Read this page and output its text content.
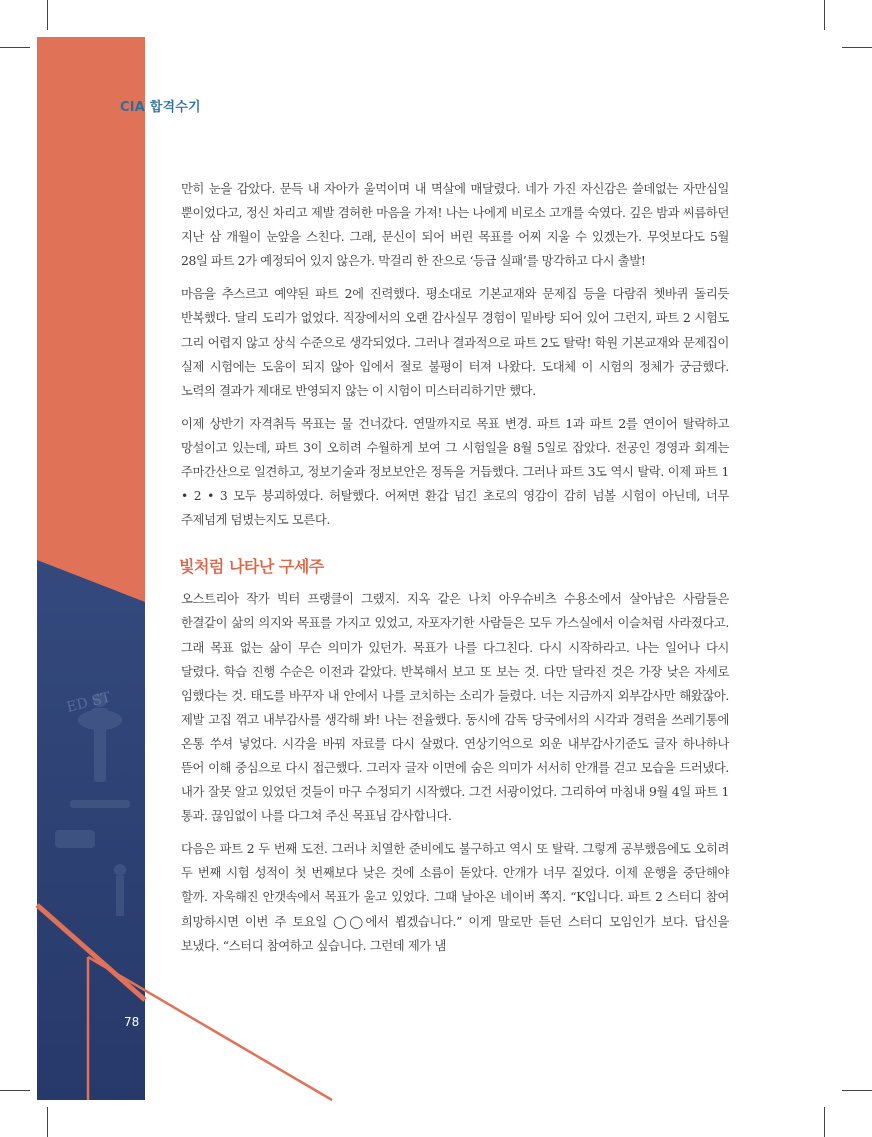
ED ST
CIA 합격수기

만히 눈을 감았다. 문득 내 자아가 울먹이며 내 멱살에 매달렸다. 네가 가진 자신감은 쓸데없는 자만심일 뿐이었다고, 정신 차리고 제발 겸허한 마음을 가져! 나는 나에게 비로소 고개를 숙였다. 깊은 밤과 씨름하던 지난 삼 개월이 눈앞을 스친다. 그래, 문신이 되어 버린 목표를 어찌 지울 수 있겠는가. 무엇보다도 5월 28일 파트 2가 예정되어 있지 않은가. 막걸리 한 잔으로 ‘등급 실패’를 망각하고 다시 출발!

마음을 추스르고 예약된 파트 2에 진력했다. 평소대로 기본교재와 문제집 등을 다람쥐 쳇바퀴 돌리듯 반복했다. 달리 도리가 없었다. 직장에서의 오랜 감사실무 경험이 밑바탕 되어 있어 그런지, 파트 2 시험도 그리 어렵지 않고 상식 수준으로 생각되었다. 그러나 결과적으로 파트 2도 탈락! 학원 기본교재와 문제집이 실제 시험에는 도움이 되지 않아 입에서 절로 불평이 터져 나왔다. 도대체 이 시험의 정체가 궁금했다. 노력의 결과가 제대로 반영되지 않는 이 시험이 미스터리하기만 했다.

이제 상반기 자격취득 목표는 물 건너갔다. 연말까지로 목표 변경. 파트 1과 파트 2를 연이어 탈락하고 망설이고 있는데, 파트 3이 오히려 수월하게 보여 그 시험일을 8월 5일로 잡았다. 전공인 경영과 회계는 주마간산으로 일견하고, 정보기술과 정보보안은 정독을 거듭했다. 그러나 파트 3도 역시 탈락. 이제 파트 1 • 2 • 3 모두 붕괴하였다. 허탈했다. 어쩌면 환갑 넘긴 초로의 영감이 감히 넘볼 시험이 아닌데, 너무 주제넘게 덤볐는지도 모른다.

빛처럼 나타난 구세주

오스트리아 작가 빅터 프랭클이 그랬지. 지옥 같은 나치 아우슈비츠 수용소에서 살아남은 사람들은 한결같이 삶의 의지와 목표를 가지고 있었고, 자포자기한 사람들은 모두 가스실에서 이슬처럼 사라졌다고. 그래 목표 없는 삶이 무슨 의미가 있던가. 목표가 나를 다그친다. 다시 시작하라고. 나는 일어나 다시 달렸다. 학습 진행 수순은 이전과 같았다. 반복해서 보고 또 보는 것. 다만 달라진 것은 가장 낮은 자세로 임했다는 것. 태도를 바꾸자 내 안에서 나를 코치하는 소리가 들렸다. 너는 지금까지 외부감사만 해왔잖아. 제발 고집 꺾고 내부감사를 생각해 봐! 나는 전율했다. 동시에 감독 당국에서의 시각과 경력을 쓰레기통에 온통 쑤셔 넣었다. 시각을 바꿔 자료를 다시 살폈다. 연상기억으로 외운 내부감사기준도 글자 하나하나 뜯어 이해 중심으로 다시 접근했다. 그러자 글자 이면에 숨은 의미가 서서히 안개를 걷고 모습을 드러냈다. 내가 잘못 알고 있었던 것들이 마구 수정되기 시작했다. 그건 서광이었다. 그리하여 마침내 9월 4일 파트 1 통과. 끊임없이 나를 다그쳐 주신 목표님 감사합니다.

다음은 파트 2 두 번째 도전. 그러나 치열한 준비에도 불구하고 역시 또 탈락. 그렇게 공부했음에도 오히려 두 번째 시험 성적이 첫 번째보다 낮은 것에 소름이 돋았다. 안개가 너무 짙었다. 이제 운행을 중단해야 할까. 자욱해진 안갯속에서 목표가 울고 있었다. 그때 날아온 네이버 쪽지. “K입니다. 파트 2 스터디 참여 희망하시면 이번 주 토요일 ◯◯에서 뵙겠습니다.” 이게 말로만 듣던 스터디 모임인가 보다. 답신을 보냈다. “스터디 참여하고 싶습니다. 그런데 제가 냄

78
